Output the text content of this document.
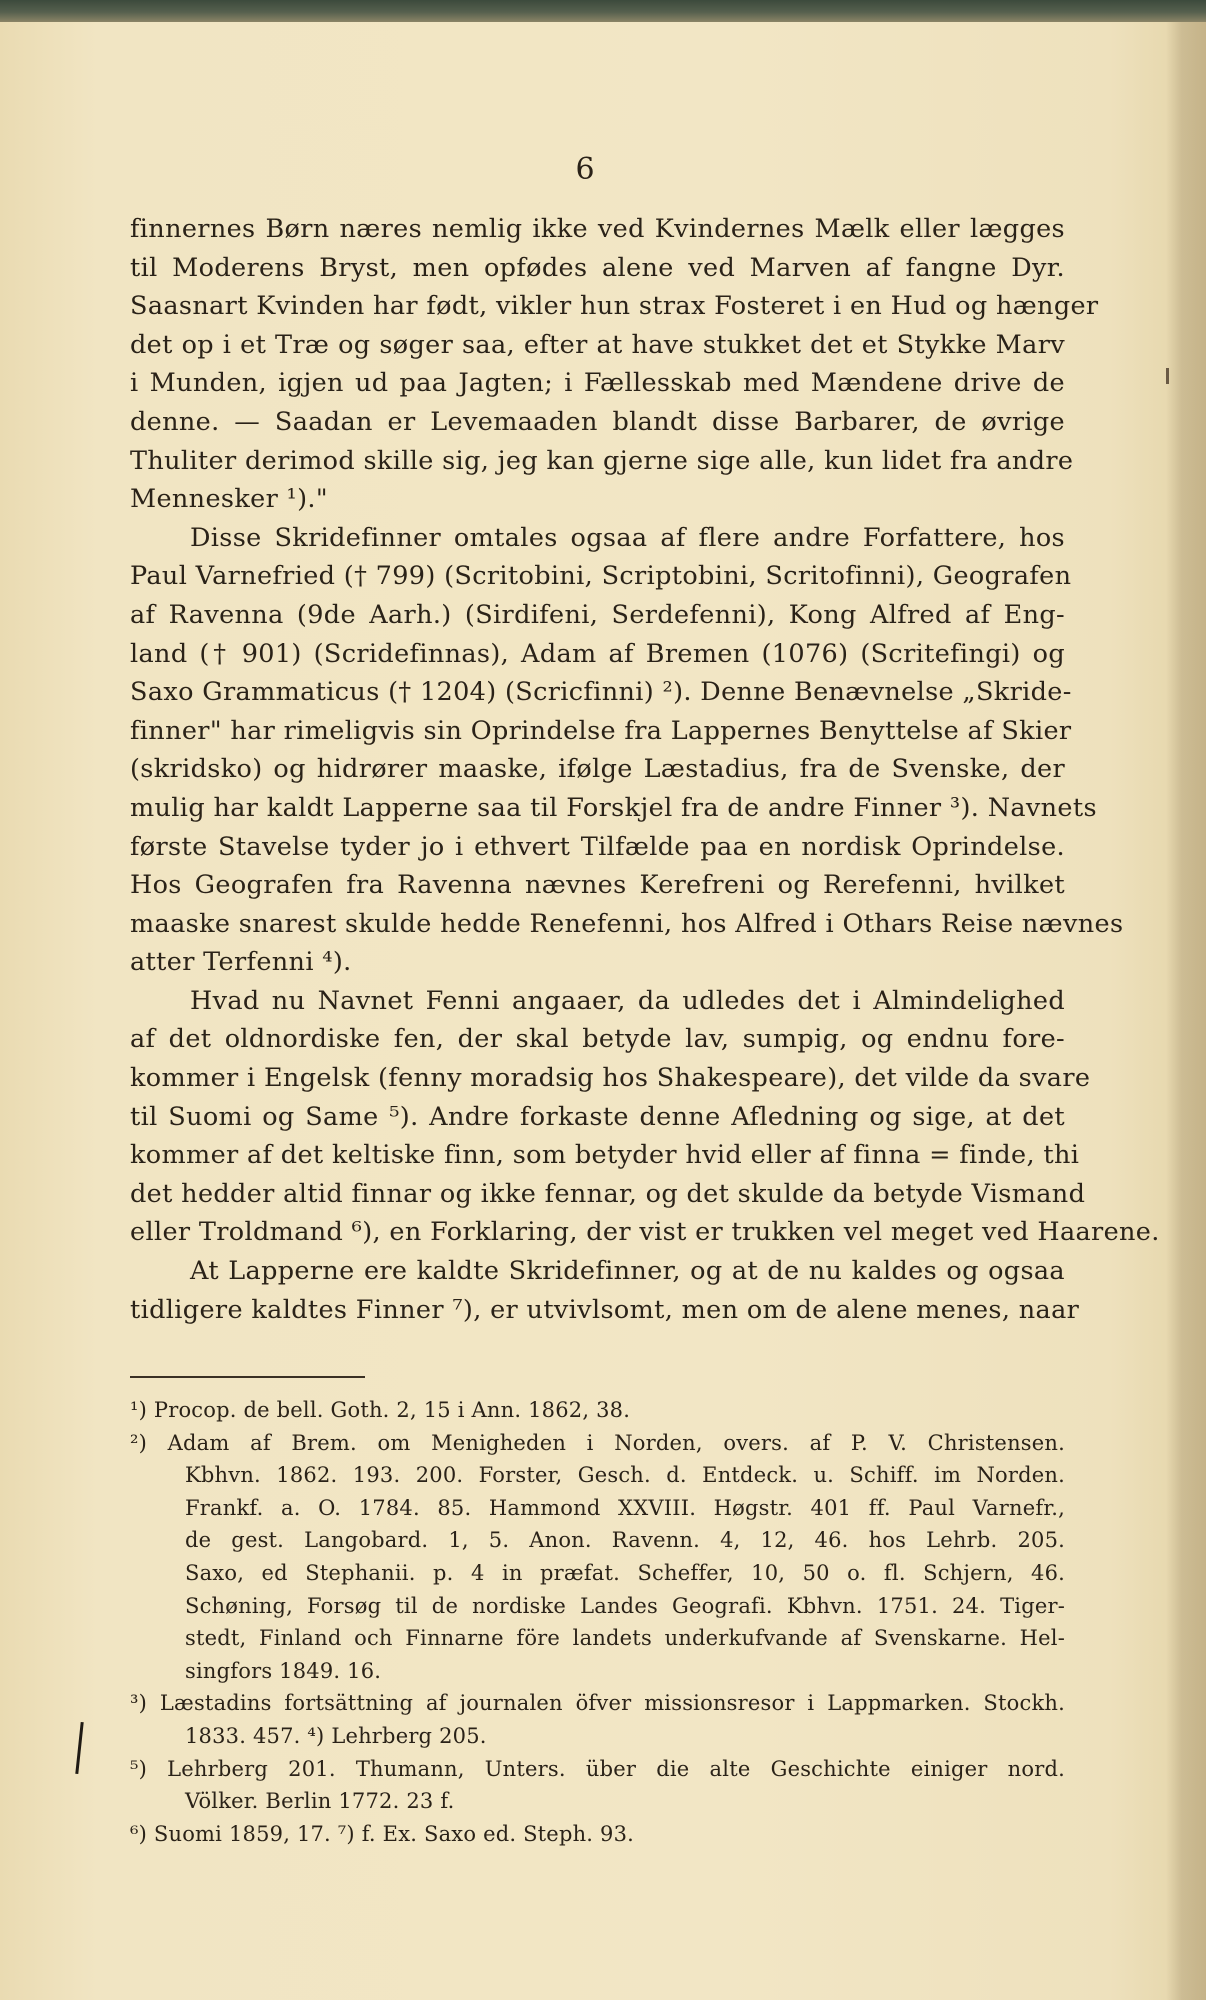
6
finnernes Børn næres nemlig ikke ved Kvindernes Mælk eller lægges
til Moderens Bryst, men opfødes alene ved Marven af fangne Dyr.
Saasnart Kvinden har født, vikler hun strax Fosteret i en Hud og hænger
det op i et Træ og søger saa, efter at have stukket det et Stykke Marv
i Munden, igjen ud paa Jagten; i Fællesskab med Mændene drive de
denne. — Saadan er Levemaaden blandt disse Barbarer, de øvrige
Thuliter derimod skille sig, jeg kan gjerne sige alle, kun lidet fra andre
Mennesker ¹)."
Disse Skridefinner omtales ogsaa af flere andre Forfattere, hos
Paul Varnefried († 799) (Scritobini, Scriptobini, Scritofinni), Geografen
af Ravenna (9de Aarh.) (Sirdifeni, Serdefenni), Kong Alfred af Eng-
land († 901) (Scridefinnas), Adam af Bremen (1076) (Scritefingi) og
Saxo Grammaticus († 1204) (Scricfinni) ²). Denne Benævnelse „Skride-
finner" har rimeligvis sin Oprindelse fra Lappernes Benyttelse af Skier
(skridsko) og hidrører maaske, ifølge Læstadius, fra de Svenske, der
mulig har kaldt Lapperne saa til Forskjel fra de andre Finner ³). Navnets
første Stavelse tyder jo i ethvert Tilfælde paa en nordisk Oprindelse.
Hos Geografen fra Ravenna nævnes Kerefreni og Rerefenni, hvilket
maaske snarest skulde hedde Renefenni, hos Alfred i Othars Reise nævnes
atter Terfenni ⁴).
Hvad nu Navnet Fenni angaaer, da udledes det i Almindelighed
af det oldnordiske fen, der skal betyde lav, sumpig, og endnu fore-
kommer i Engelsk (fenny moradsig hos Shakespeare), det vilde da svare
til Suomi og Same ⁵). Andre forkaste denne Afledning og sige, at det
kommer af det keltiske finn, som betyder hvid eller af finna = finde, thi
det hedder altid finnar og ikke fennar, og det skulde da betyde Vismand
eller Troldmand ⁶), en Forklaring, der vist er trukken vel meget ved Haarene.
At Lapperne ere kaldte Skridefinner, og at de nu kaldes og ogsaa
tidligere kaldtes Finner ⁷), er utvivlsomt, men om de alene menes, naar
¹) Procop. de bell. Goth. 2, 15 i Ann. 1862, 38.
²) Adam af Brem. om Menigheden i Norden, overs. af P. V. Christensen.
Kbhvn. 1862. 193. 200. Forster, Gesch. d. Entdeck. u. Schiff. im Norden.
Frankf. a. O. 1784. 85. Hammond XXVIII. Høgstr. 401 ff. Paul Varnefr.,
de gest. Langobard. 1, 5. Anon. Ravenn. 4, 12, 46. hos Lehrb. 205.
Saxo, ed Stephanii. p. 4 in præfat. Scheffer, 10, 50 o. fl. Schjern, 46.
Schøning, Forsøg til de nordiske Landes Geografi. Kbhvn. 1751. 24. Tiger-
stedt, Finland och Finnarne före landets underkufvande af Svenskarne. Hel-
singfors 1849. 16.
³) Læstadins fortsättning af journalen öfver missionsresor i Lappmarken. Stockh.
1833. 457. ⁴) Lehrberg 205.
⁵) Lehrberg 201. Thumann, Unters. über die alte Geschichte einiger nord.
Völker. Berlin 1772. 23 f.
⁶) Suomi 1859, 17. ⁷) f. Ex. Saxo ed. Steph. 93.
